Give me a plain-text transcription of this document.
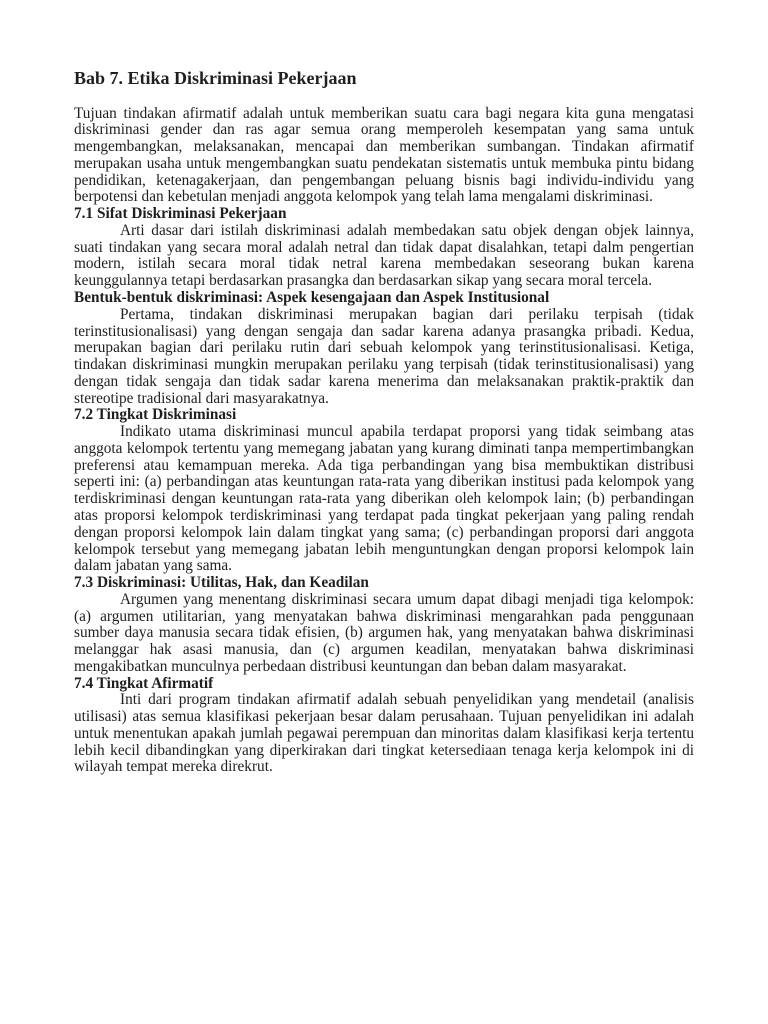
Bab 7. Etika Diskriminasi Pekerjaan
Tujuan tindakan afirmatif adalah untuk memberikan suatu cara bagi negara kita guna mengatasi
diskriminasi gender dan ras agar semua orang memperoleh kesempatan yang sama untuk
mengembangkan, melaksanakan, mencapai dan memberikan sumbangan. Tindakan afirmatif
merupakan usaha untuk mengembangkan suatu pendekatan sistematis untuk membuka pintu bidang
pendidikan, ketenagakerjaan, dan pengembangan peluang bisnis bagi individu-individu yang
berpotensi dan kebetulan menjadi anggota kelompok yang telah lama mengalami diskriminasi.
7.1 Sifat Diskriminasi Pekerjaan
Arti dasar dari istilah diskriminasi adalah membedakan satu objek dengan objek lainnya,
suati tindakan yang secara moral adalah netral dan tidak dapat disalahkan, tetapi dalm pengertian
modern, istilah secara moral tidak netral karena membedakan seseorang bukan karena
keunggulannya tetapi berdasarkan prasangka dan berdasarkan sikap yang secara moral tercela.
Bentuk-bentuk diskriminasi: Aspek kesengajaan dan Aspek Institusional
Pertama, tindakan diskriminasi merupakan bagian dari perilaku terpisah (tidak
terinstitusionalisasi) yang dengan sengaja dan sadar karena adanya prasangka pribadi. Kedua,
merupakan bagian dari perilaku rutin dari sebuah kelompok yang terinstitusionalisasi. Ketiga,
tindakan diskriminasi mungkin merupakan perilaku yang terpisah (tidak terinstitusionalisasi) yang
dengan tidak sengaja dan tidak sadar karena menerima dan melaksanakan praktik-praktik dan
stereotipe tradisional dari masyarakatnya.
7.2 Tingkat Diskriminasi
Indikato utama diskriminasi muncul apabila terdapat proporsi yang tidak seimbang atas
anggota kelompok tertentu yang memegang jabatan yang kurang diminati tanpa mempertimbangkan
preferensi atau kemampuan mereka. Ada tiga perbandingan yang bisa membuktikan distribusi
seperti ini: (a) perbandingan atas keuntungan rata-rata yang diberikan institusi pada kelompok yang
terdiskriminasi dengan keuntungan rata-rata yang diberikan oleh kelompok lain; (b) perbandingan
atas proporsi kelompok terdiskriminasi yang terdapat pada tingkat pekerjaan yang paling rendah
dengan proporsi kelompok lain dalam tingkat yang sama; (c) perbandingan proporsi dari anggota
kelompok tersebut yang memegang jabatan lebih menguntungkan dengan proporsi kelompok lain
dalam jabatan yang sama.
7.3 Diskriminasi: Utilitas, Hak, dan Keadilan
Argumen yang menentang diskriminasi secara umum dapat dibagi menjadi tiga kelompok:
(a) argumen utilitarian, yang menyatakan bahwa diskriminasi mengarahkan pada penggunaan
sumber daya manusia secara tidak efisien, (b) argumen hak, yang menyatakan bahwa diskriminasi
melanggar hak asasi manusia, dan (c) argumen keadilan, menyatakan bahwa diskriminasi
mengakibatkan munculnya perbedaan distribusi keuntungan dan beban dalam masyarakat.
7.4 Tingkat Afirmatif
Inti dari program tindakan afirmatif adalah sebuah penyelidikan yang mendetail (analisis
utilisasi) atas semua klasifikasi pekerjaan besar dalam perusahaan. Tujuan penyelidikan ini adalah
untuk menentukan apakah jumlah pegawai perempuan dan minoritas dalam klasifikasi kerja tertentu
lebih kecil dibandingkan yang diperkirakan dari tingkat ketersediaan tenaga kerja kelompok ini di
wilayah tempat mereka direkrut.
